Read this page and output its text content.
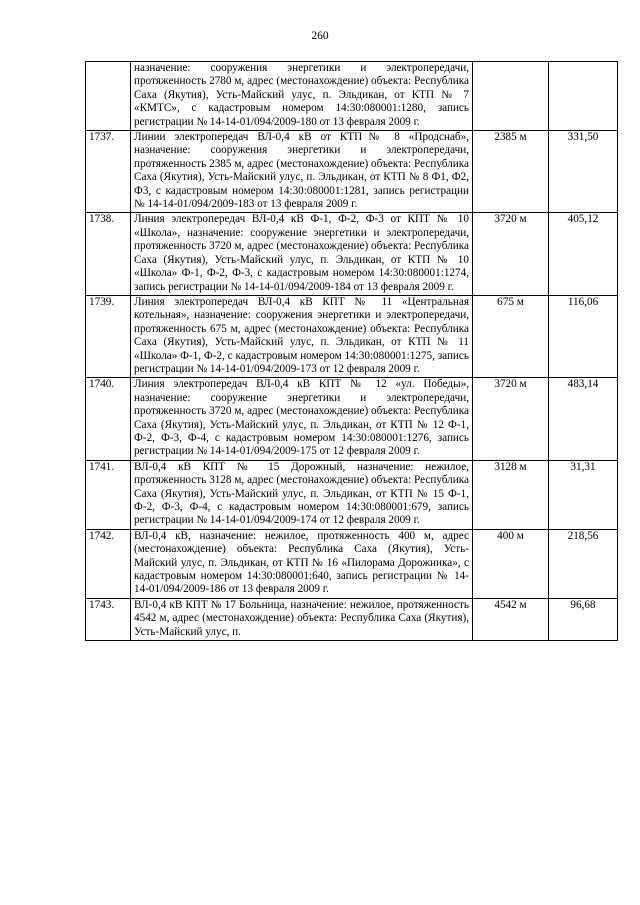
260
	назначение: сооружения энергетики и электропередачи, протяженность 2780 м, адрес (местонахождение) объекта: Республика Саха (Якутия), Усть-Майский улус, п. Эльдикан, от КТП № 7 «КМТС», с кадастровым номером 14:30:080001:1280, запись регистрации № 14-14-01/094/2009-180 от 13 февраля 2009 г.		
1737.	Линии электропередач ВЛ-0,4 кВ от КТП№ 8 «Продснаб», назначение: сооружения энергетики и электропередачи, протяженность 2385 м, адрес (местонахождение) объекта: Республика Саха (Якутия), Усть-Майский улус, п. Эльдикан, от КТП № 8 Ф1, Ф2, Ф3, с кадастровым номером 14:30:080001:1281, запись регистрации № 14-14-01/094/2009-183 от 13 февраля 2009 г.	2385 м	331,50
1738.	Линия электропередач ВЛ-0,4 кВ Ф-1, Ф-2, Ф-3 от КПТ № 10 «Школа», назначение: сооружение энергетики и электропередачи, протяженность 3720 м, адрес (местонахождение) объекта: Республика Саха (Якутия), Усть-Майский улус, п. Эльдикан, от КТП № 10 «Школа» Ф-1, Ф-2, Ф-3, с кадастровым номером 14:30:080001:1274, запись регистрации № 14-14-01/094/2009-184 от 13 февраля 2009 г.	3720 м	405,12
1739.	Линия электропередач ВЛ-0,4 кВ КПТ № 11 «Центральная котельная», назначение: сооружения энергетики и электропередачи, протяженность 675 м, адрес (местонахождение) объекта: Республика Саха (Якутия), Усть-Майский улус, п. Эльдикан, от КТП № 11 «Школа» Ф-1, Ф-2, с кадастровым номером 14:30:080001:1275, запись регистрации № 14-14-01/094/2009-173 от 12 февраля 2009 г.	675 м	116,06
1740.	Линия электропередач ВЛ-0,4 кВ КПТ № 12 «ул. Победы», назначение: сооружение энергетики и электропередачи, протяженность 3720 м, адрес (местонахождение) объекта: Республика Саха (Якутия), Усть-Майский улус, п. Эльдикан, от КТП № 12 Ф-1, Ф-2, Ф-3, Ф-4, с кадастровым номером 14:30:080001:1276, запись регистрации № 14-14-01/094/2009-175 от 12 февраля 2009 г.	3720 м	483,14
1741.	ВЛ-0,4 кВ КПТ № 15 Дорожный, назначение: нежилое, протяженность 3128 м, адрес (местонахождение) объекта: Республика Саха (Якутия), Усть-Майский улус, п. Эльдикан, от КТП № 15 Ф-1, Ф-2, Ф-3, Ф-4, с кадастровым номером 14:30:080001:679, запись регистрации № 14-14-01/094/2009-174 от 12 февраля 2009 г.	3128 м	31,31
1742.	ВЛ-0,4 кВ, назначение: нежилое, протяженность 400 м, адрес (местонахождение) объекта: Республика Саха (Якутия), Усть-Майский улус, п. Эльдикан, от КТП № 16 «Пилорама Дорожника», с кадастровым номером 14:30:080001:640, запись регистрации № 14-14-01/094/2009-186 от 13 февраля 2009 г.	400 м	218,56
1743.	ВЛ-0,4 кВ КПТ № 17 Больница, назначение: нежилое, протяженность 4542 м, адрес (местонахождение) объекта: Республика Саха (Якутия), Усть-Майский улус, п.	4542 м	96,68
